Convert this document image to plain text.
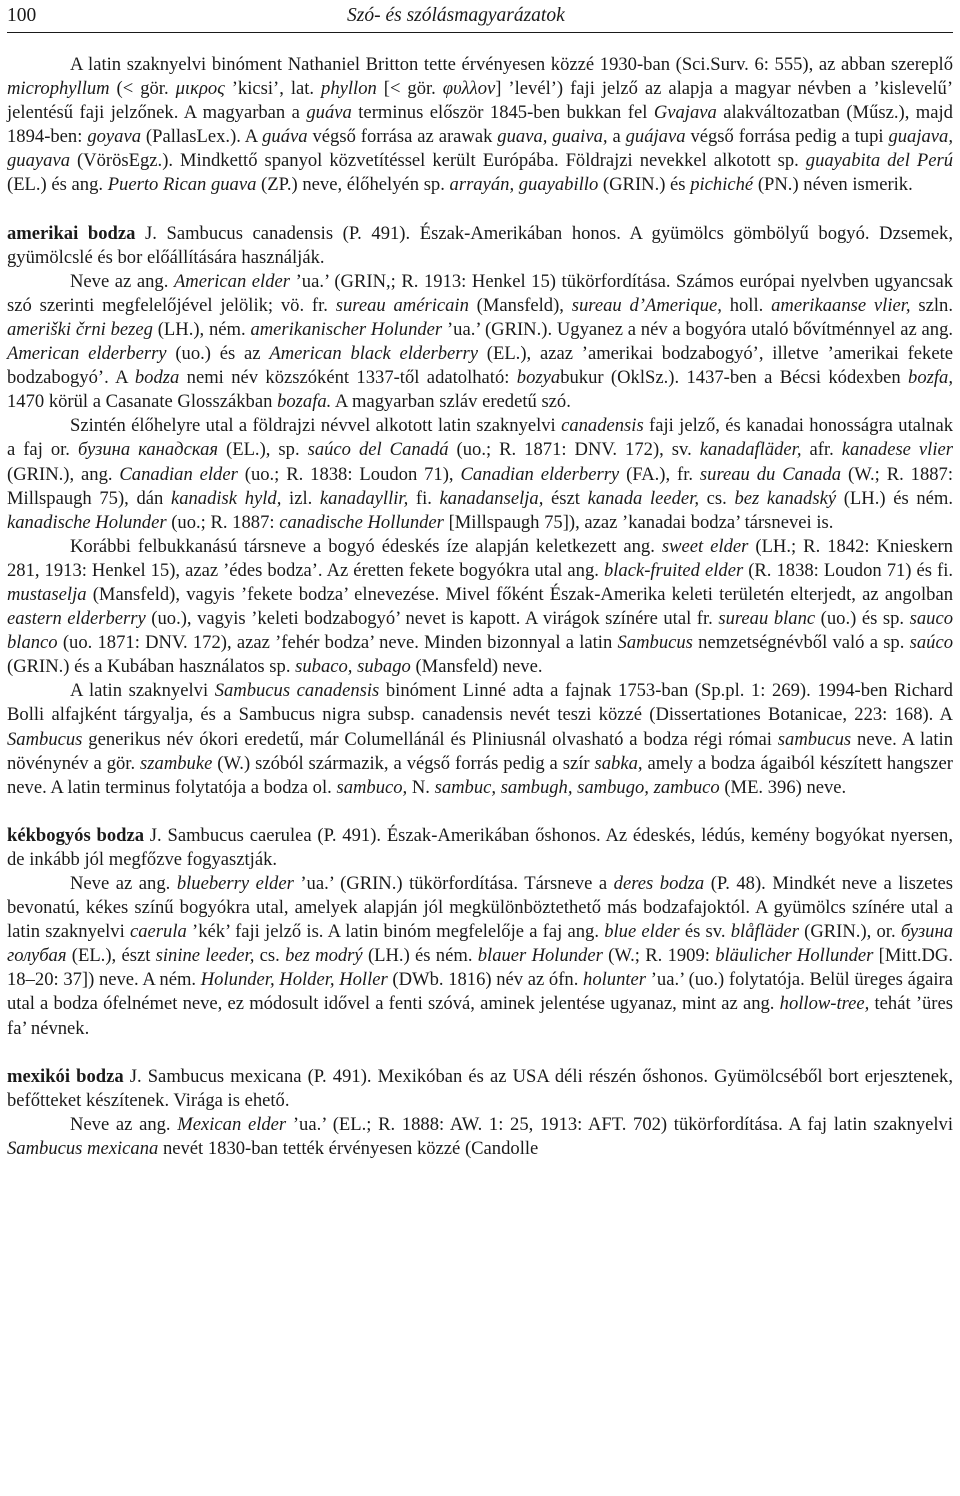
100	Szó- és szólásmagyarázatok

A latin szaknyelvi binóment Nathaniel Britton tette érvényesen közzé 1930-ban (Sci.Surv. 6: 555), az abban szereplő microphyllum (< gör. μικρος ’kicsi’, lat. phyllon [< gör. φυλλον] ’levél’) faji jelző az alapja a magyar névben a ’kislevelű’ jelentésű faji jelzőnek. A magyarban a guáva terminus először 1845-ben bukkan fel Gvajava alakváltozatban (Műsz.), majd 1894-ben: goyava (PallasLex.). A guáva végső forrása az arawak guava, guaiva, a guájava végső forrása pedig a tupi guajava, guayava (VörösEgz.). Mindkettő spanyol közvetítéssel került Európába. Földrajzi nevekkel alkotott sp. guayabita del Perú (EL.) és ang. Puerto Rican guava (ZP.) neve, élőhelyén sp. arrayán, guayabillo (GRIN.) és pichiché (PN.) néven ismerik.

amerikai bodza J. Sambucus canadensis (P. 491). Észak-Amerikában honos. A gyümölcs gömbölyű bogyó. Dzsemek, gyümölcslé és bor előállítására használják.

Neve az ang. American elder ’ua.’ (GRIN,; R. 1913: Henkel 15) tükörfordítása. Számos európai nyelvben ugyancsak szó szerinti megfelelőjével jelölik; vö. fr. sureau américain (Mansfeld), sureau d’Amerique, holl. amerikaanse vlier, szln. ameriški črni bezeg (LH.), ném. amerikanischer Holunder ’ua.’ (GRIN.). Ugyanez a név a bogyóra utaló bővítménnyel az ang. American elderberry (uo.) és az American black elderberry (EL.), azaz ’amerikai bodzabogyó’, illetve ’amerikai fekete bodzabogyó’. A bodza nemi név közszóként 1337-től adatolható: bozyabukur (OklSz.). 1437-ben a Bécsi kódexben bozfa, 1470 körül a Casanate Glosszákban bozafa. A magyarban szláv eredetű szó.

Szintén élőhelyre utal a földrajzi névvel alkotott latin szaknyelvi canadensis faji jelző, és kanadai honosságra utalnak a faj or. бузина канадская (EL.), sp. saúco del Canadá (uo.; R. 1871: DNV. 172), sv. kanadafläder, afr. kanadese vlier (GRIN.), ang. Canadian elder (uo.; R. 1838: Loudon 71), Canadian elderberry (FA.), fr. sureau du Canada (W.; R. 1887: Millspaugh 75), dán kanadisk hyld, izl. kanadayllir, fi. kanadanselja, észt kanada leeder, cs. bez kanadský (LH.) és ném. kanadische Holunder (uo.; R. 1887: canadische Hollunder [Millspaugh 75]), azaz ’kanadai bodza’ társnevei is.

Korábbi felbukkanású társneve a bogyó édeskés íze alapján keletkezett ang. sweet elder (LH.; R. 1842: Knieskern 281, 1913: Henkel 15), azaz ’édes bodza’. Az éretten fekete bogyókra utal ang. black-fruited elder (R. 1838: Loudon 71) és fi. mustaselja (Mansfeld), vagyis ’fekete bodza’ elnevezése. Mivel főként Észak-Amerika keleti területén elterjedt, az angolban eastern elderberry (uo.), vagyis ’keleti bodzabogyó’ nevet is kapott. A virágok színére utal fr. sureau blanc (uo.) és sp. sauco blanco (uo. 1871: DNV. 172), azaz ’fehér bodza’ neve. Minden bizonnyal a latin Sambucus nemzetségnévből való a sp. saúco (GRIN.) és a Kubában használatos sp. subaco, subago (Mansfeld) neve.

A latin szaknyelvi Sambucus canadensis binóment Linné adta a fajnak 1753-ban (Sp.pl. 1: 269). 1994-ben Richard Bolli alfajként tárgyalja, és a Sambucus nigra subsp. canadensis nevét teszi közzé (Dissertationes Botanicae, 223: 168). A Sambucus generikus név ókori eredetű, már Columellánál és Pliniusnál olvasható a bodza régi római sambucus neve. A latin növénynév a gör. szambuke (W.) szóból származik, a végső forrás pedig a szír sabka, amely a bodza ágaiból készített hangszer neve. A latin terminus folytatója a bodza ol. sambuco, N. sambuc, sambugh, sambugo, zambuco (ME. 396) neve.

kékbogyós bodza J. Sambucus caerulea (P. 491). Észak-Amerikában őshonos. Az édeskés, lédús, kemény bogyókat nyersen, de inkább jól megfőzve fogyasztják.

Neve az ang. blueberry elder ’ua.’ (GRIN.) tükörfordítása. Társneve a deres bodza (P. 48). Mindkét neve a liszetes bevonatú, kékes színű bogyókra utal, amelyek alapján jól megkülönböztethető más bodzafajoktól. A gyümölcs színére utal a latin szaknyelvi caerula ’kék’ faji jelző is. A latin binóm megfelelője a faj ang. blue elder és sv. blåfläder (GRIN.), or. бузина голубая (EL.), észt sinine leeder, cs. bez modrý (LH.) és ném. blauer Holunder (W.; R. 1909: bläulicher Hollunder [Mitt.DG. 18–20: 37]) neve. A ném. Holunder, Holder, Holler (DWb. 1816) név az ófn. holunter ’ua.’ (uo.) folytatója. Belül üreges ágaira utal a bodza ófelnémet neve, ez módosult idővel a fenti szóvá, aminek jelentése ugyanaz, mint az ang. hollow-tree, tehát ’üres fa’ névnek.

mexikói bodza J. Sambucus mexicana (P. 491). Mexikóban és az USA déli részén őshonos. Gyümölcséből bort erjesztenek, befőtteket készítenek. Virága is ehető.

Neve az ang. Mexican elder ’ua.’ (EL.; R. 1888: AW. 1: 25, 1913: AFT. 702) tükörfordítása. A faj latin szaknyelvi Sambucus mexicana nevét 1830-ban tették érvényesen közzé (Candolle
